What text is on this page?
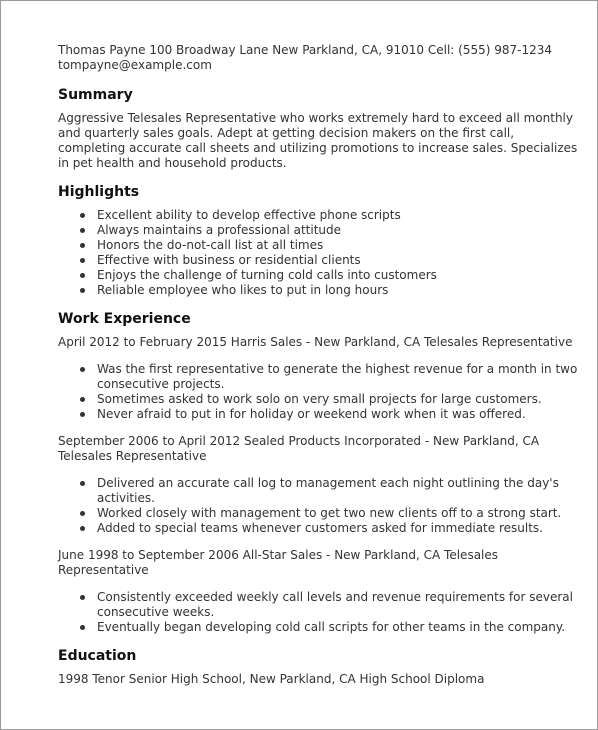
Thomas Payne 100 Broadway Lane New Parkland, CA, 91010 Cell: (555) 987-1234
tompayne@example.com
Summary

Aggressive Telesales Representative who works extremely hard to exceed all monthly and quarterly sales goals. Adept at getting decision makers on the first call, completing accurate call sheets and utilizing promotions to increase sales. Specializes in pet health and household products.

Highlights
Excellent ability to develop effective phone scripts
Always maintains a professional attitude
Honors the do-not-call list at all times
Effective with business or residential clients
Enjoys the challenge of turning cold calls into customers
Reliable employee who likes to put in long hours
Work Experience
April 2012 to February 2015 Harris Sales - New Parkland, CA Telesales Representative
Was the first representative to generate the highest revenue for a month in two consecutive projects.
Sometimes asked to work solo on very small projects for large customers.
Never afraid to put in for holiday or weekend work when it was offered.
September 2006 to April 2012 Sealed Products Incorporated - New Parkland, CA Telesales Representative
Delivered an accurate call log to management each night outlining the day's activities.
Worked closely with management to get two new clients off to a strong start.
Added to special teams whenever customers asked for immediate results.
June 1998 to September 2006 All-Star Sales - New Parkland, CA Telesales Representative
Consistently exceeded weekly call levels and revenue requirements for several consecutive weeks.
Eventually began developing cold call scripts for other teams in the company.
Education
1998 Tenor Senior High School, New Parkland, CA High School Diploma
